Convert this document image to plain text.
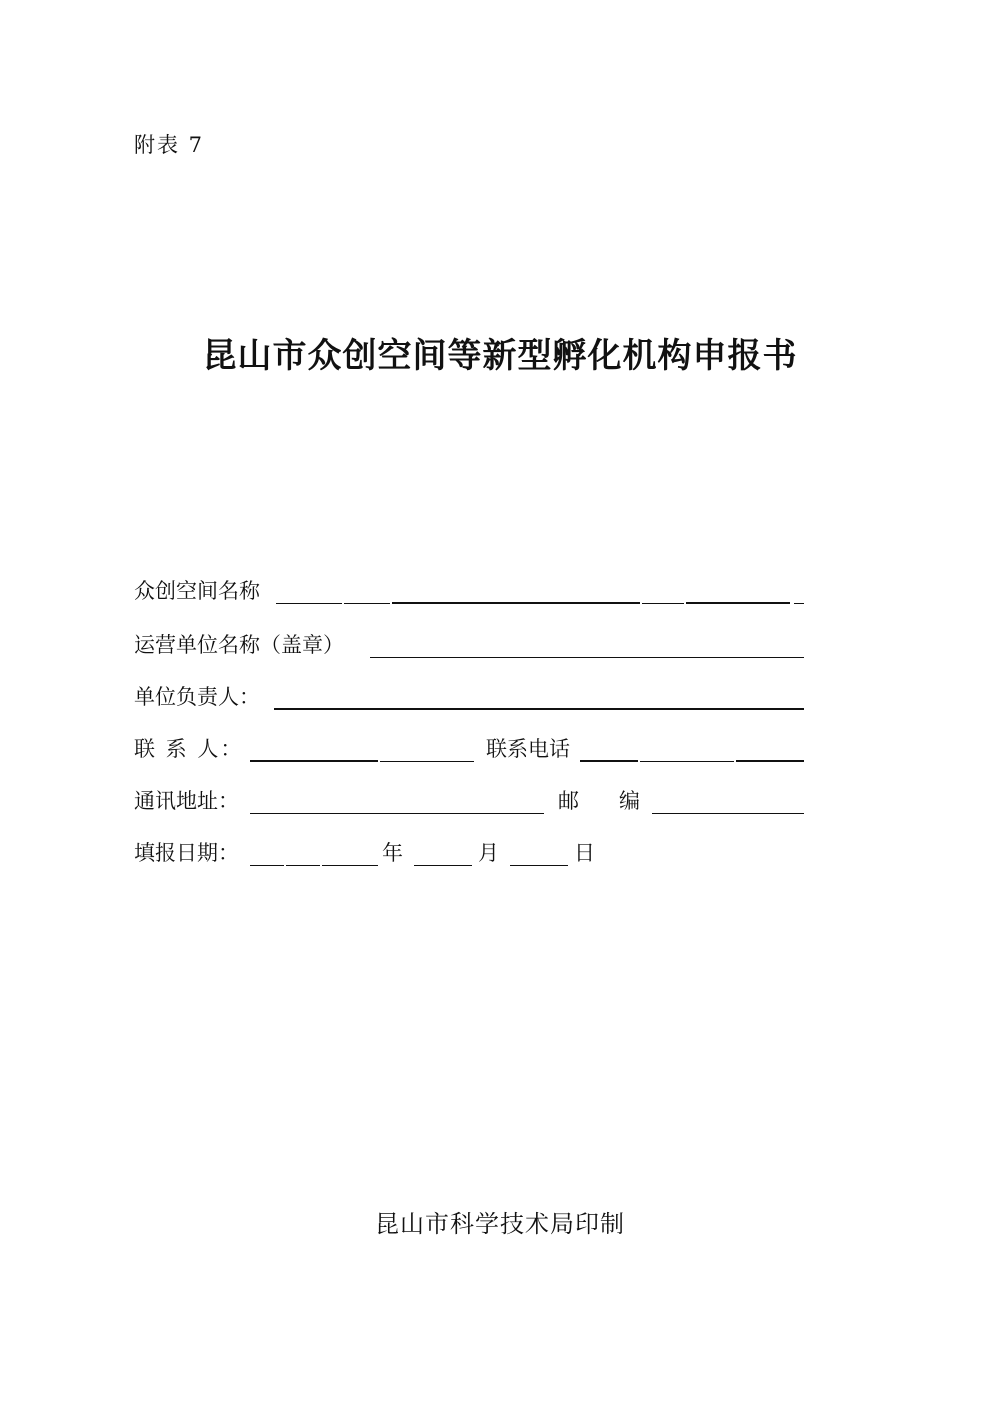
附表 7
昆山市众创空间等新型孵化机构申报书
众创空间名称
运营单位名称（盖章）
单位负责人：
联 系 人：	联系电话
通讯地址：	邮      编
填报日期：	年	月	日
昆山市科学技术局印制
